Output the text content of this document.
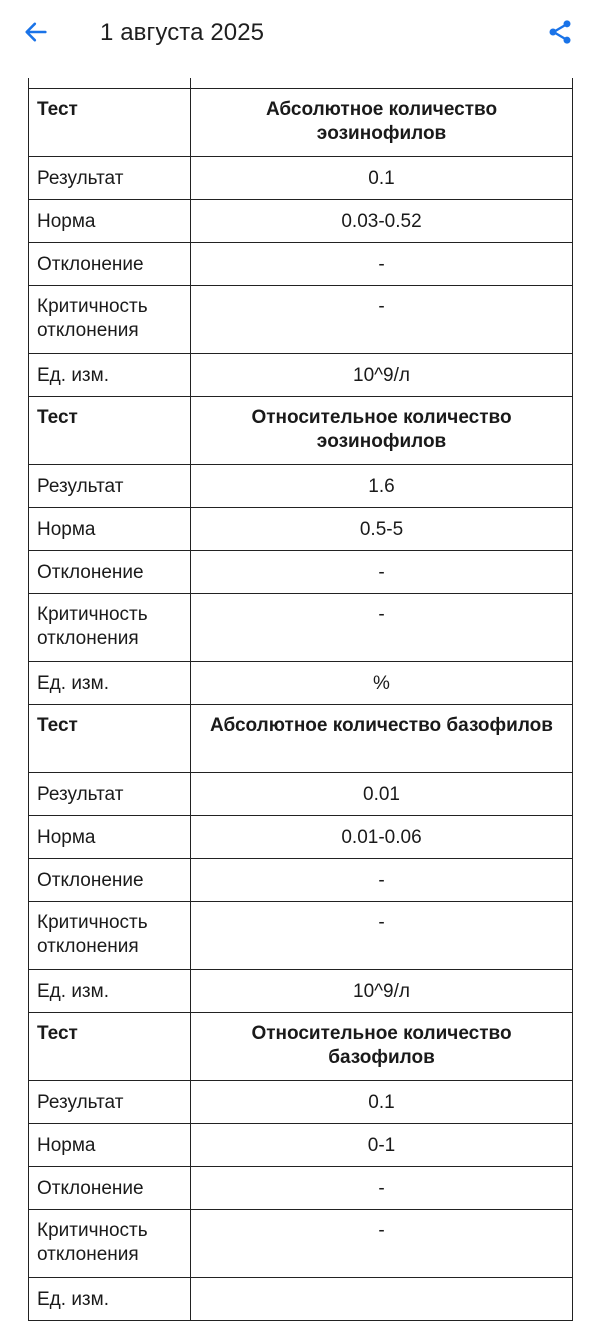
1 августа 2025
Тест	Абсолютное количество эозинофилов
Результат	0.1
Норма	0.03-0.52
Отклонение	-
Критичность отклонения	-
Ед. изм.	10^9/л
Тест	Относительное количество эозинофилов
Результат	1.6
Норма	0.5-5
Отклонение	-
Критичность отклонения	-
Ед. изм.	%
Тест	Абсолютное количество базофилов
Результат	0.01
Норма	0.01-0.06
Отклонение	-
Критичность отклонения	-
Ед. изм.	10^9/л
Тест	Относительное количество базофилов
Результат	0.1
Норма	0-1
Отклонение	-
Критичность отклонения	-
Ед. изм.	
